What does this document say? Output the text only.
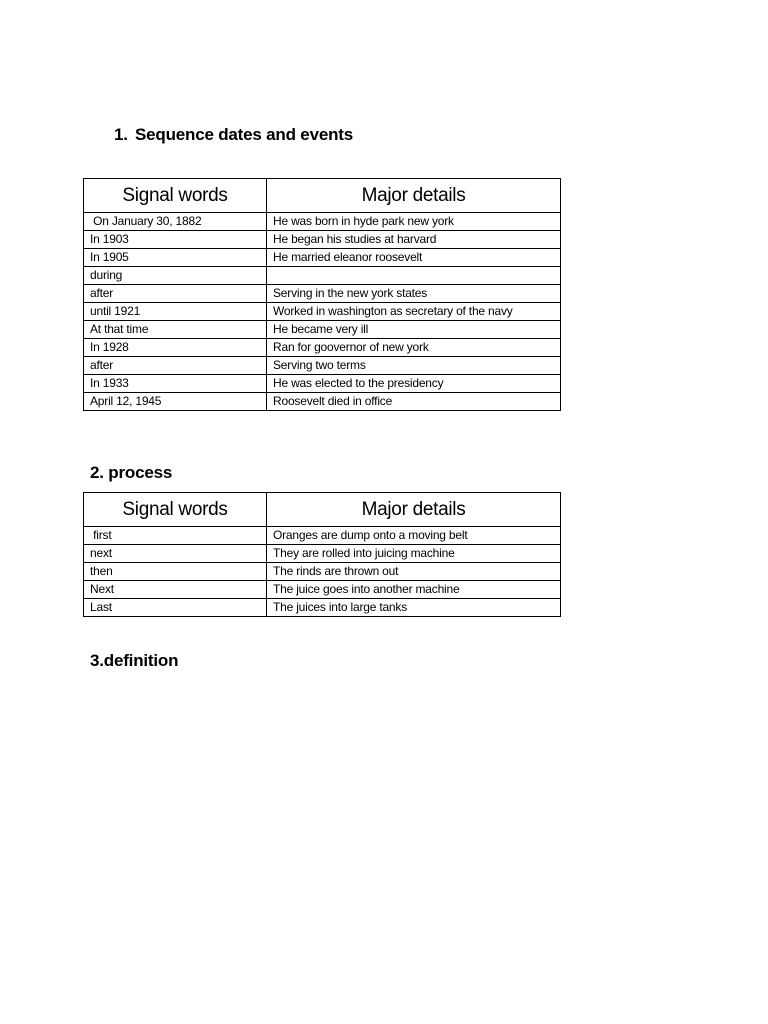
1. Sequence dates and events
Signal words	Major details
On January 30, 1882	He was born in hyde park new york
In 1903	He began his studies at harvard
In 1905	He married eleanor roosevelt
during	
after	Serving in the new york states
until 1921	Worked in washington as secretary of the navy
At that time	He became very ill
In 1928	Ran for goovernor of new york
after	Serving two terms
In 1933	He was elected to the presidency
April 12, 1945	Roosevelt died in office
2. process
Signal words	Major details
first	Oranges are dump onto a moving belt
next	They are rolled into juicing machine
then	The rinds are thrown out
Next	The juice goes into another machine
Last	The juices into large tanks
3.definition
